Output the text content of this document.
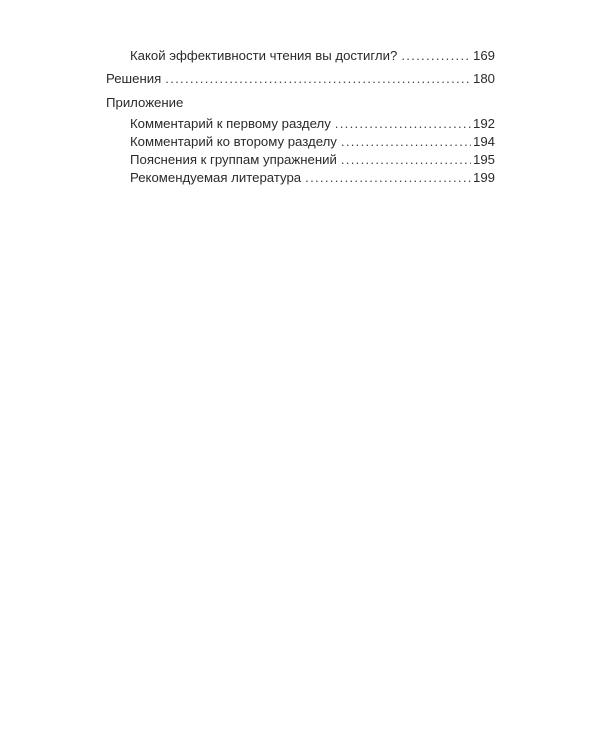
Какой эффективности чтения вы достигли? . . .	169
Решения . . .	180
Приложение
Комментарий к первому разделу . . .	192
Комментарий ко второму разделу . . .	194
Пояснения к группам упражнений . . .	195
Рекомендуемая литература . . .	199
